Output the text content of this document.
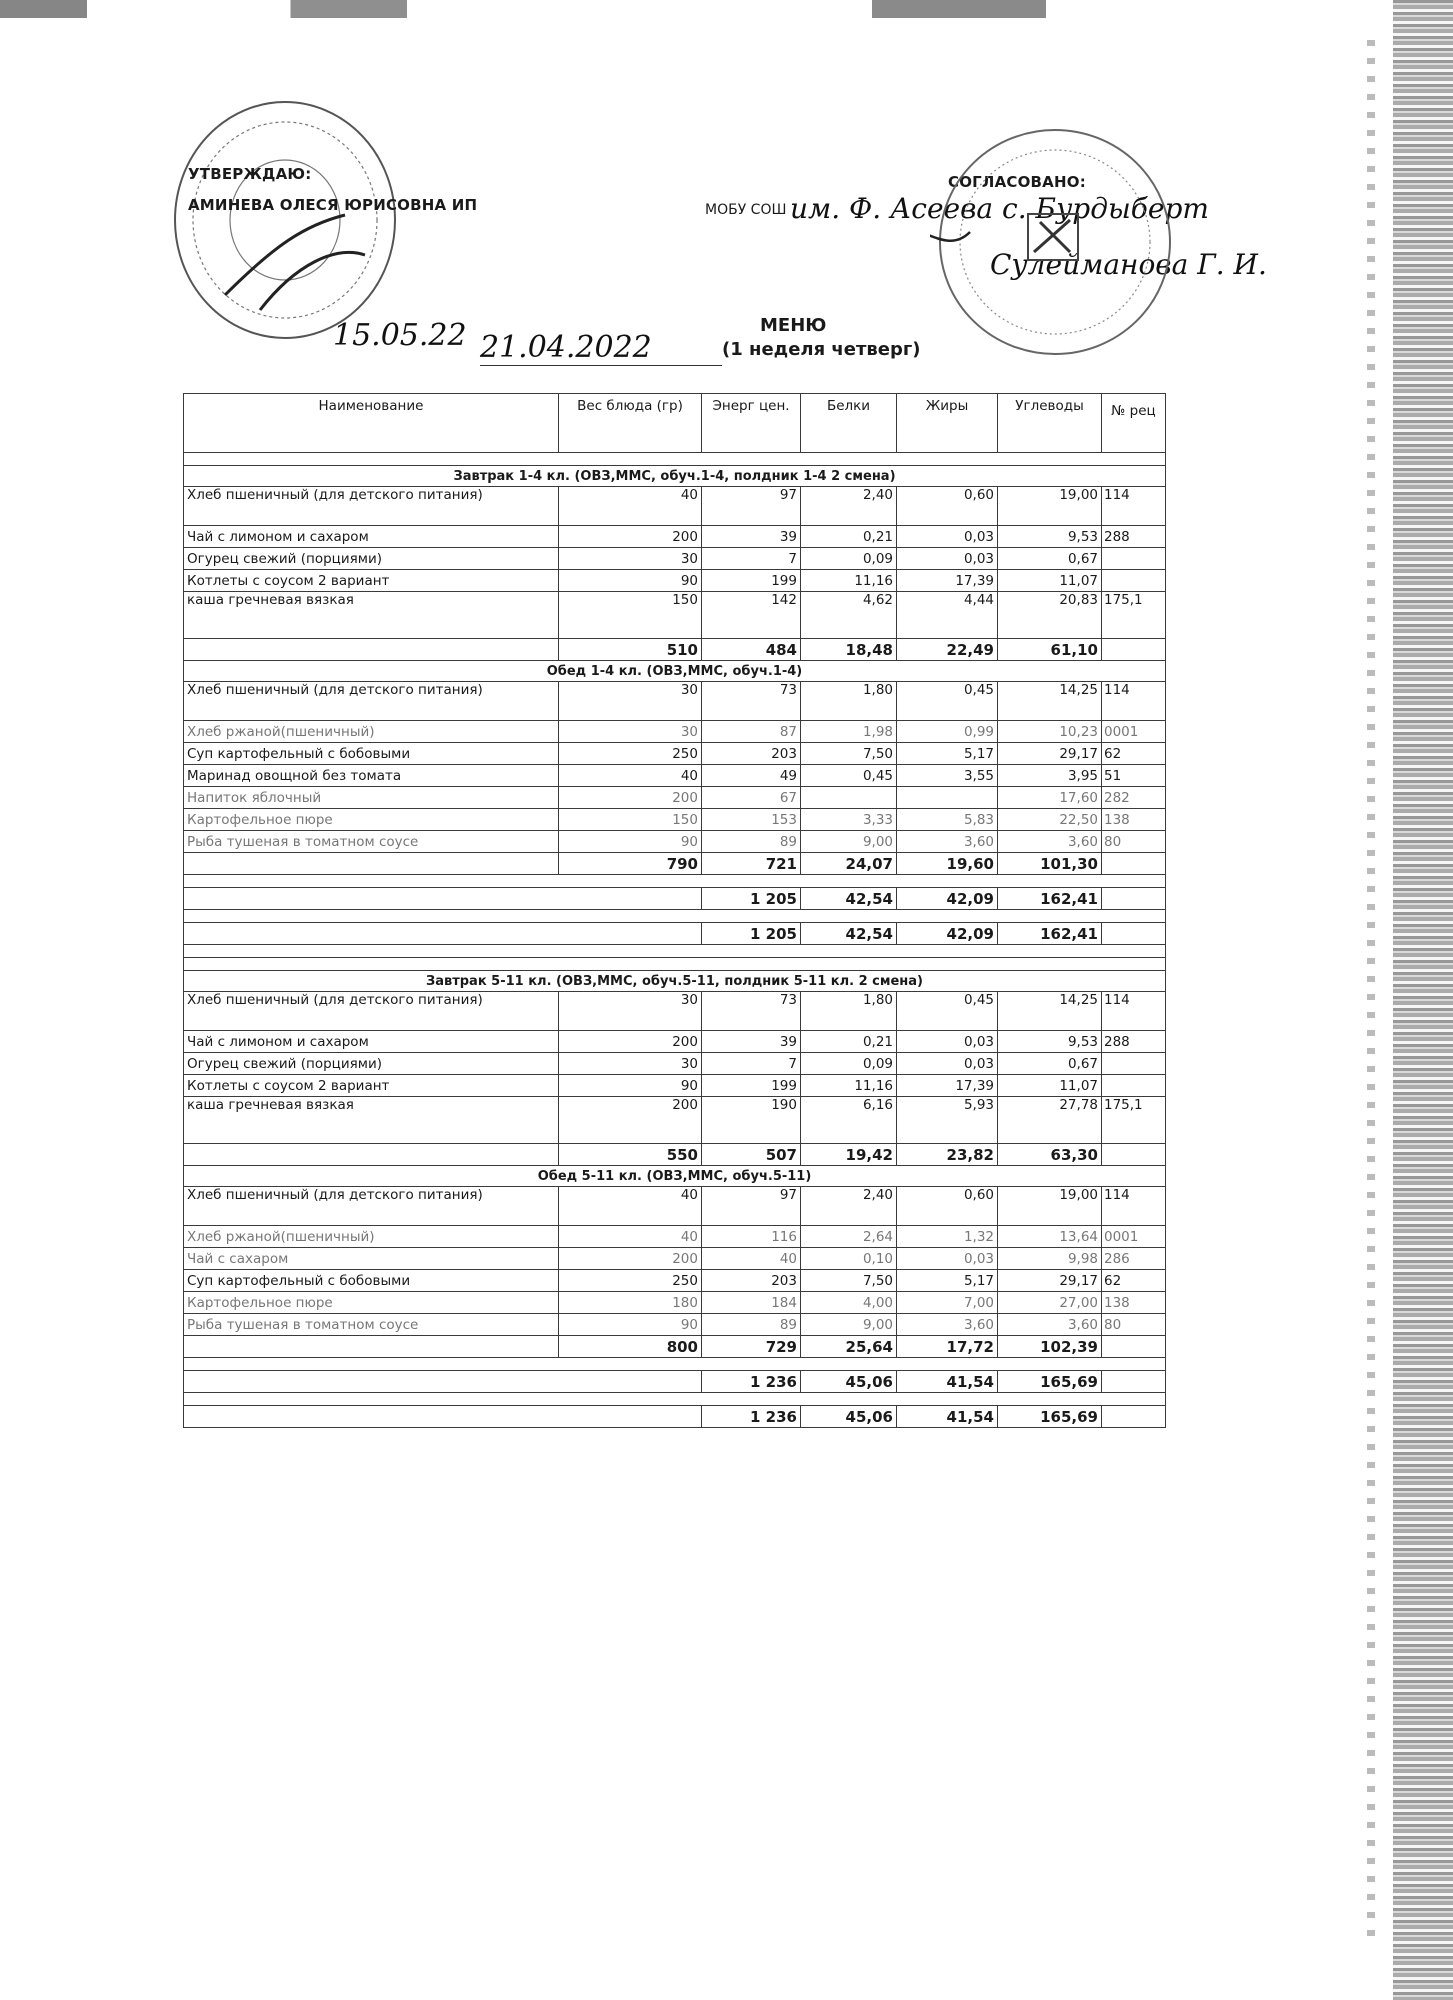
УТВЕРЖДАЮ:
АМИНЕВА ОЛЕСЯ ЮРИСОВНА ИП
СОГЛАСОВАНО:
МОБУ СОШ им. Ф. Асеева с. Бурдыберт
Сулейманова Г. И.
15.05.22 21.04.2022
МЕНЮ
(1 неделя четверг)
Наименование	Вес блюда (гр)	Энерг цен.	Белки	Жиры	Углеводы	№ рец

Завтрак 1-4 кл. (ОВЗ,ММС, обуч.1-4, полдник 1-4 2 смена)						
Хлеб пшеничный (для детского питания)	40	97	2,40	0,60	19,00	114
Чай с лимоном и сахаром	200	39	0,21	0,03	9,53	288
Огурец свежий (порциями)	30	7	0,09	0,03	0,67	
Котлеты с соусом 2 вариант	90	199	11,16	17,39	11,07	
каша гречневая вязкая	150	142	4,62	4,44	20,83	175,1
	510	484	18,48	22,49	61,10	
Обед 1-4 кл. (ОВЗ,ММС, обуч.1-4)						
Хлеб пшеничный (для детского питания)	30	73	1,80	0,45	14,25	114
Хлеб ржаной(пшеничный)	30	87	1,98	0,99	10,23	0001
Суп картофельный с бобовыми	250	203	7,50	5,17	29,17	62
Маринад овощной без томата	40	49	0,45	3,55	3,95	51
Напиток яблочный	200	67			17,60	282
Картофельное пюре	150	153	3,33	5,83	22,50	138
Рыба тушеная в томатном соусе	90	89	9,00	3,60	3,60	80
	790	721	24,07	19,60	101,30	

		1 205	42,54	42,09	162,41	

		1 205	42,54	42,09	162,41	

Завтрак 5-11 кл. (ОВЗ,ММС, обуч.5-11, полдник 5-11 кл. 2 смена)						
Хлеб пшеничный (для детского питания)	30	73	1,80	0,45	14,25	114
Чай с лимоном и сахаром	200	39	0,21	0,03	9,53	288
Огурец свежий (порциями)	30	7	0,09	0,03	0,67	
Котлеты с соусом 2 вариант	90	199	11,16	17,39	11,07	
каша гречневая вязкая	200	190	6,16	5,93	27,78	175,1
	550	507	19,42	23,82	63,30	
Обед 5-11 кл. (ОВЗ,ММС, обуч.5-11)						
Хлеб пшеничный (для детского питания)	40	97	2,40	0,60	19,00	114
Хлеб ржаной(пшеничный)	40	116	2,64	1,32	13,64	0001
Чай с сахаром	200	40	0,10	0,03	9,98	286
Суп картофельный с бобовыми	250	203	7,50	5,17	29,17	62
Картофельное пюре	180	184	4,00	7,00	27,00	138
Рыба тушеная в томатном соусе	90	89	9,00	3,60	3,60	80
	800	729	25,64	17,72	102,39	

		1 236	45,06	41,54	165,69	

		1 236	45,06	41,54	165,69	
